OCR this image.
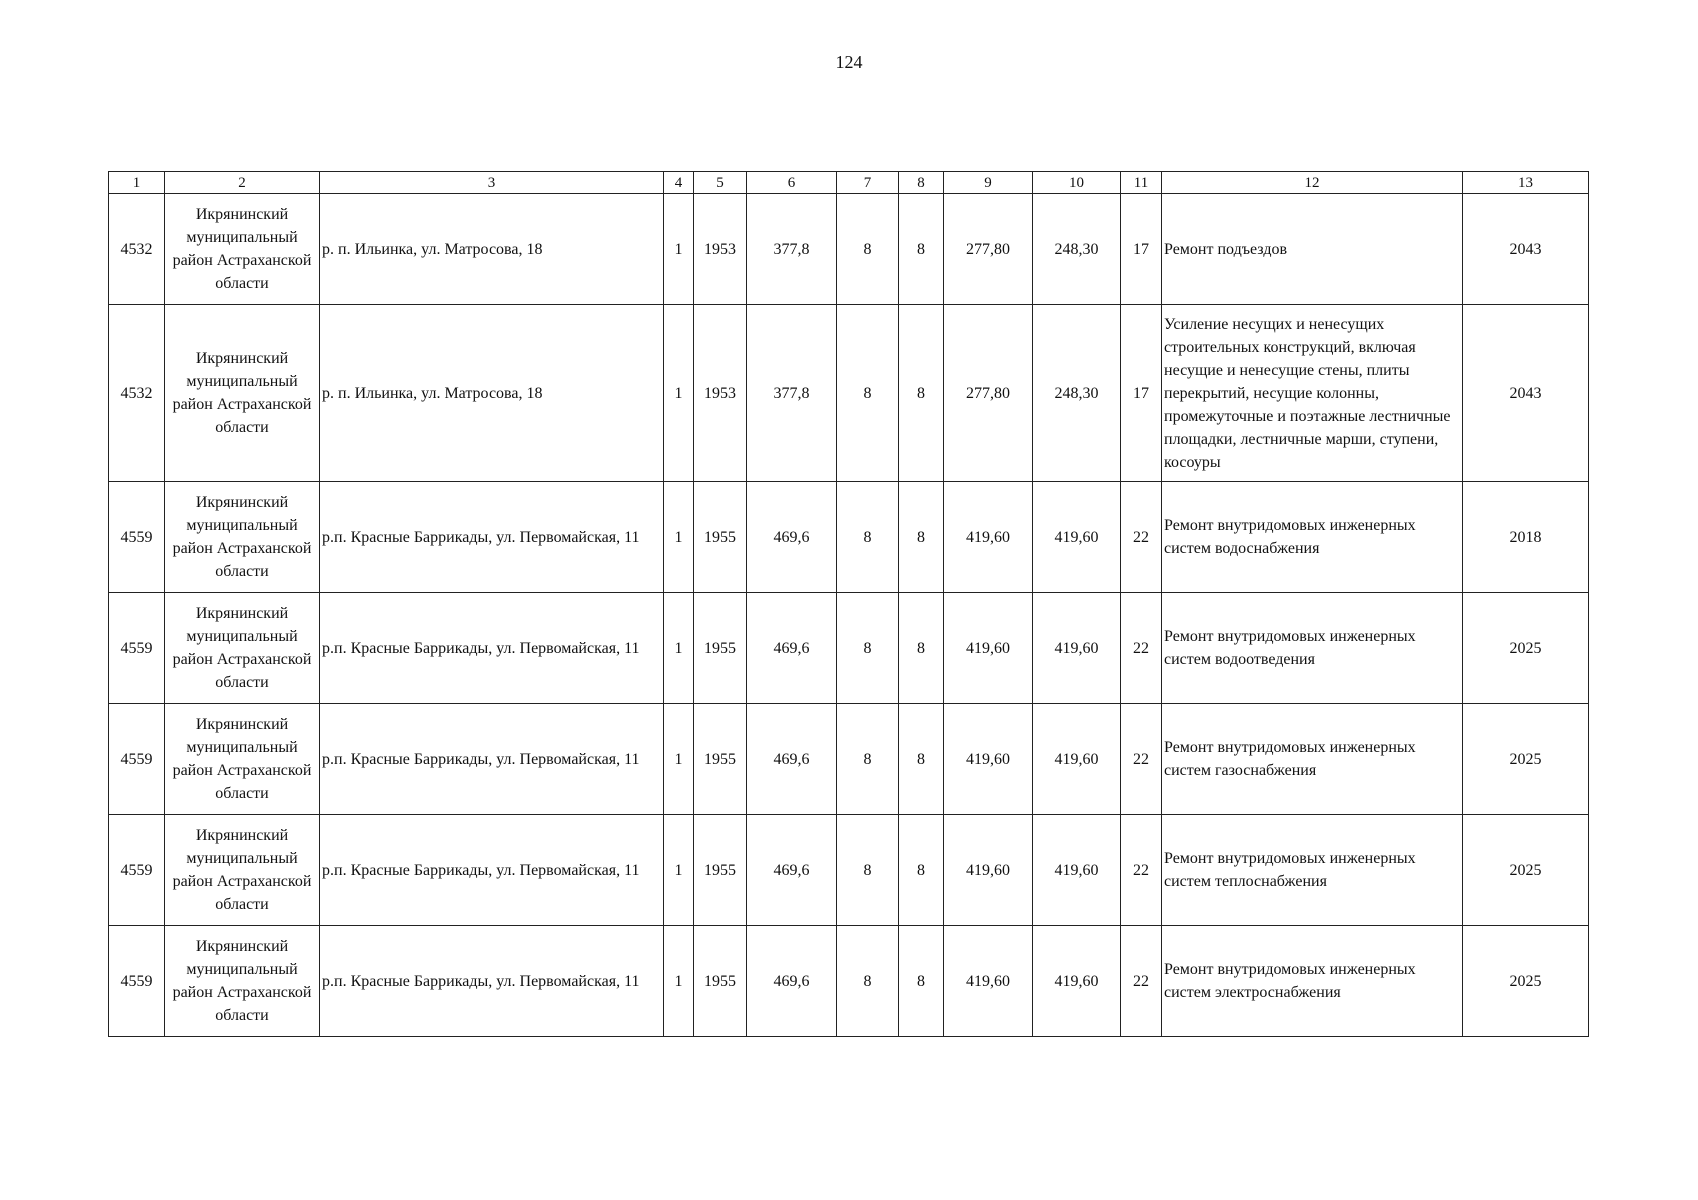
124
1	2	3	4	5	6	7	8	9	10	11	12	13
4532	Икрянинский муниципальный район Астраханской области	р. п. Ильинка, ул. Матросова, 18	1	1953	377,8	8	8	277,80	248,30	17	Ремонт подъездов	2043
4532	Икрянинский муниципальный район Астраханской области	р. п. Ильинка, ул. Матросова, 18	1	1953	377,8	8	8	277,80	248,30	17	Усиление несущих и ненесущих строительных конструкций, включая несущие и ненесущие стены, плиты перекрытий, несущие колонны, промежуточные и поэтажные лестничные площадки, лестничные марши, ступени, косоуры	2043
4559	Икрянинский муниципальный район Астраханской области	р.п. Красные Баррикады, ул. Первомайская, 11	1	1955	469,6	8	8	419,60	419,60	22	Ремонт внутридомовых инженерных систем водоснабжения	2018
4559	Икрянинский муниципальный район Астраханской области	р.п. Красные Баррикады, ул. Первомайская, 11	1	1955	469,6	8	8	419,60	419,60	22	Ремонт внутридомовых инженерных систем водоотведения	2025
4559	Икрянинский муниципальный район Астраханской области	р.п. Красные Баррикады, ул. Первомайская, 11	1	1955	469,6	8	8	419,60	419,60	22	Ремонт внутридомовых инженерных систем газоснабжения	2025
4559	Икрянинский муниципальный район Астраханской области	р.п. Красные Баррикады, ул. Первомайская, 11	1	1955	469,6	8	8	419,60	419,60	22	Ремонт внутридомовых инженерных систем теплоснабжения	2025
4559	Икрянинский муниципальный район Астраханской области	р.п. Красные Баррикады, ул. Первомайская, 11	1	1955	469,6	8	8	419,60	419,60	22	Ремонт внутридомовых инженерных систем электроснабжения	2025
